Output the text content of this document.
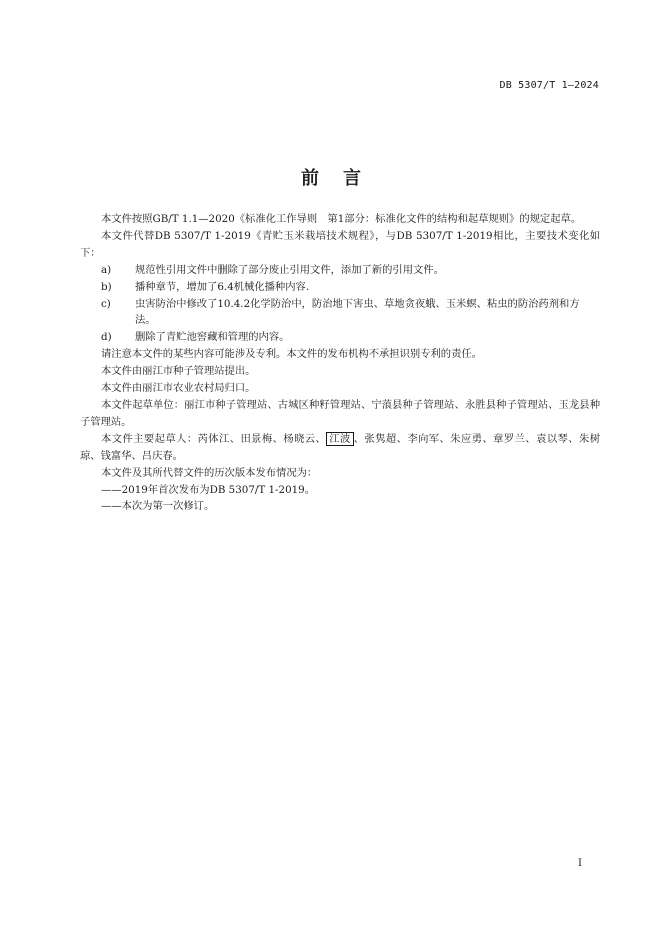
DB 5307/T 1—2024
前言

本文件按照GB/T 1.1—2020《标准化工作导则　第1部分：标准化文件的结构和起草规则》的规定起草。

本文件代替DB 5307/T 1-2019《青贮玉米栽培技术规程》，与DB 5307/T 1-2019相比，主要技术变化如下：

a)	规范性引用文件中删除了部分废止引用文件，添加了新的引用文件。
b)	播种章节，增加了6.4机械化播种内容.
c)	虫害防治中修改了10.4.2化学防治中，防治地下害虫、草地贪夜蛾、玉米螟、粘虫的防治药剂和方法。
d)	删除了青贮池窖藏和管理的内容。

请注意本文件的某些内容可能涉及专利。本文件的发布机构不承担识别专利的责任。

本文件由丽江市种子管理站提出。

本文件由丽江市农业农村局归口。

本文件起草单位：丽江市种子管理站、古城区种籽管理站、宁蒗县种子管理站、永胜县种子管理站、玉龙县种子管理站。

本文件主要起草人：芮体江、田景梅、杨晓云、 江波 、张隽超、李向军、朱应勇、章罗兰、袁以琴、朱树琼、钱富华、吕庆春。

本文件及其所代替文件的历次版本发布情况为：

——2019年首次发布为DB 5307/T 1-2019。

——本次为第一次修订。

I
